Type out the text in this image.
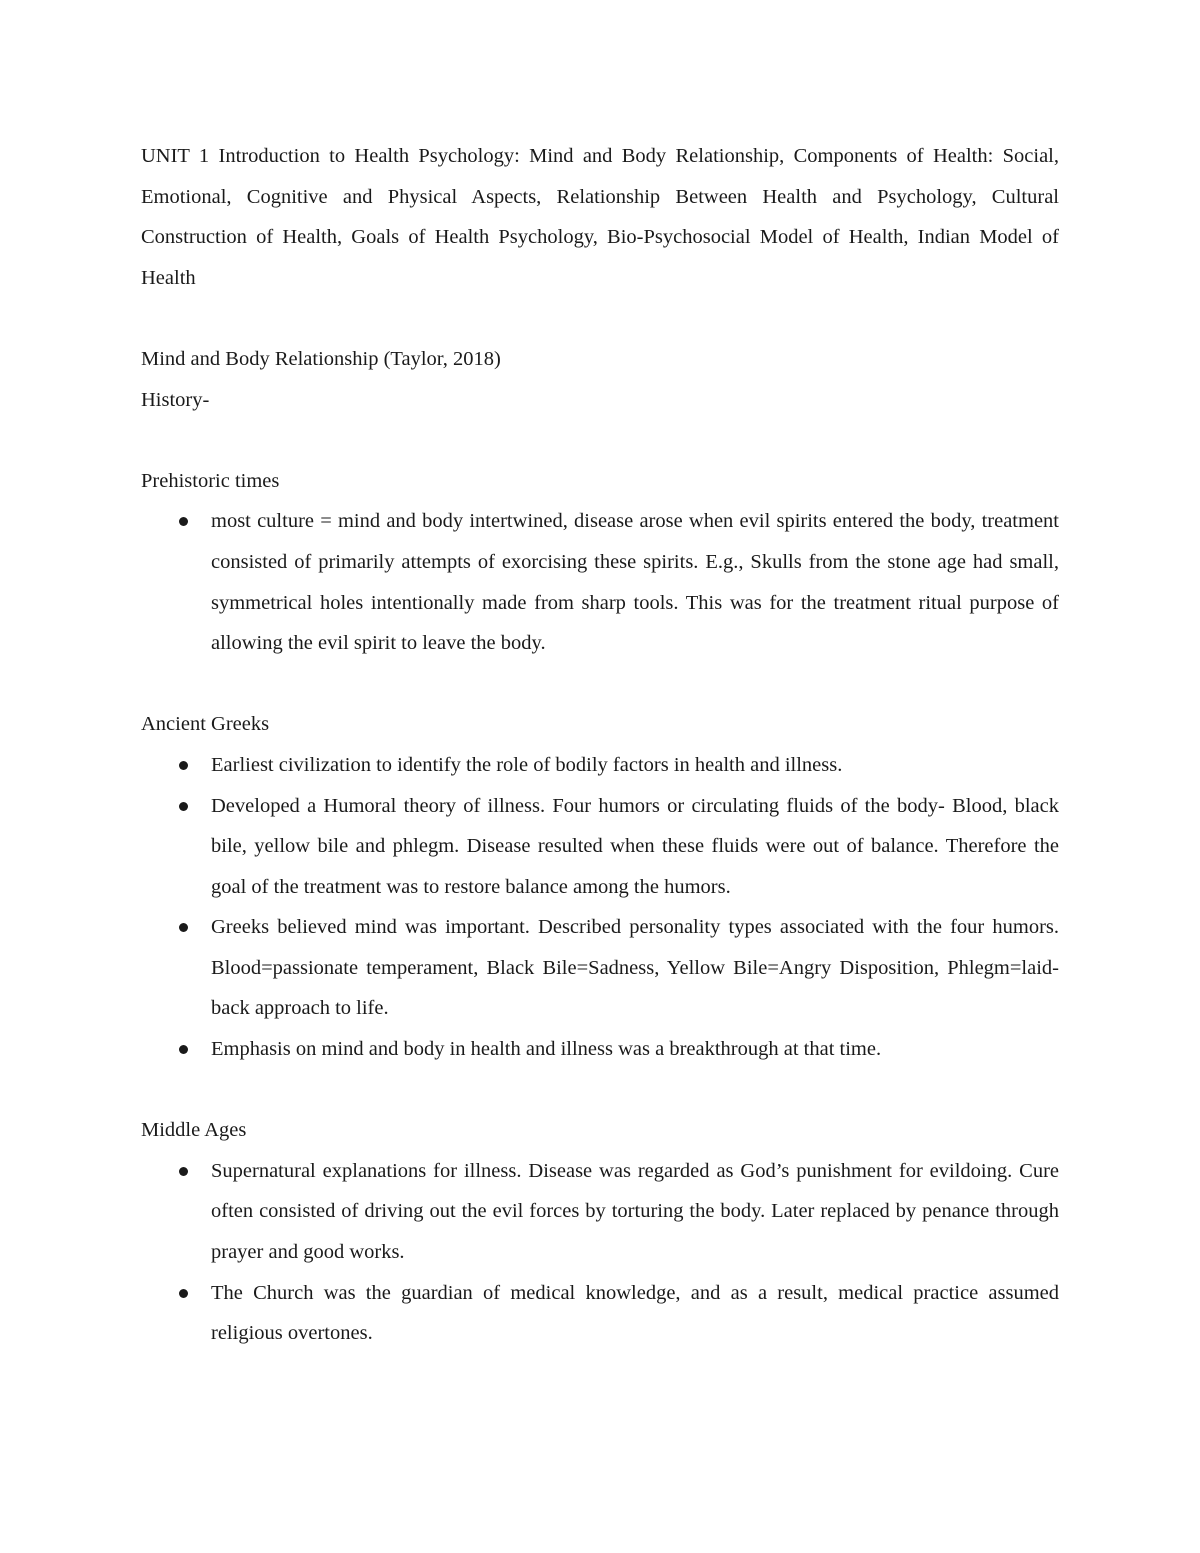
UNIT 1 Introduction to Health Psychology: Mind and Body Relationship, Components of Health: Social, Emotional, Cognitive and Physical Aspects, Relationship Between Health and Psychology, Cultural Construction of Health, Goals of Health Psychology, Bio-Psychosocial Model of Health, Indian Model of Health

Mind and Body Relationship (Taylor, 2018)

History-

Prehistoric times

most culture = mind and body intertwined, disease arose when evil spirits entered the body, treatment consisted of primarily attempts of exorcising these spirits. E.g., Skulls from the stone age had small, symmetrical holes intentionally made from sharp tools. This was for the treatment ritual purpose of allowing the evil spirit to leave the body.

Ancient Greeks

Earliest civilization to identify the role of bodily factors in health and illness.
Developed a Humoral theory of illness. Four humors or circulating fluids of the body- Blood, black bile, yellow bile and phlegm. Disease resulted when these fluids were out of balance. Therefore the goal of the treatment was to restore balance among the humors.
Greeks believed mind was important. Described personality types associated with the four humors. Blood=passionate temperament, Black Bile=Sadness, Yellow Bile=Angry Disposition, Phlegm=laid-back approach to life.
Emphasis on mind and body in health and illness was a breakthrough at that time.

Middle Ages

Supernatural explanations for illness. Disease was regarded as God’s punishment for evildoing. Cure often consisted of driving out the evil forces by torturing the body. Later replaced by penance through prayer and good works.
The Church was the guardian of medical knowledge, and as a result, medical practice assumed religious overtones.
